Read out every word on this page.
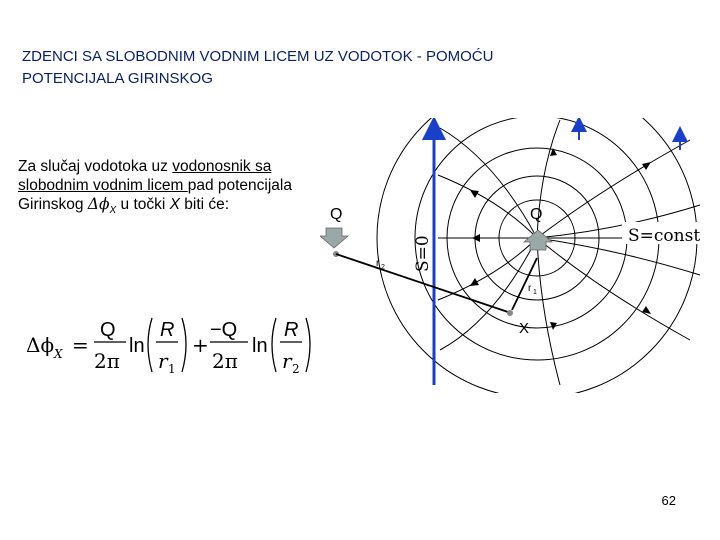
ZDENCI SA SLOBODNIM VODNIM LICEM UZ VODOTOK - POMOĆU
POTENCIJALA GIRINSKOG
Za slučaj vodotoka uz vodonosnik sa slobodnim vodnim licem pad potencijala Girinskog $\Delta\phi_X$ u točki X biti će:
Δϕ X =
Q
2π
ln
R
r 1
+
−Q
2π
ln
R
r 2
Q	Q
S=const
S=0
r 2
r 1
X
62
